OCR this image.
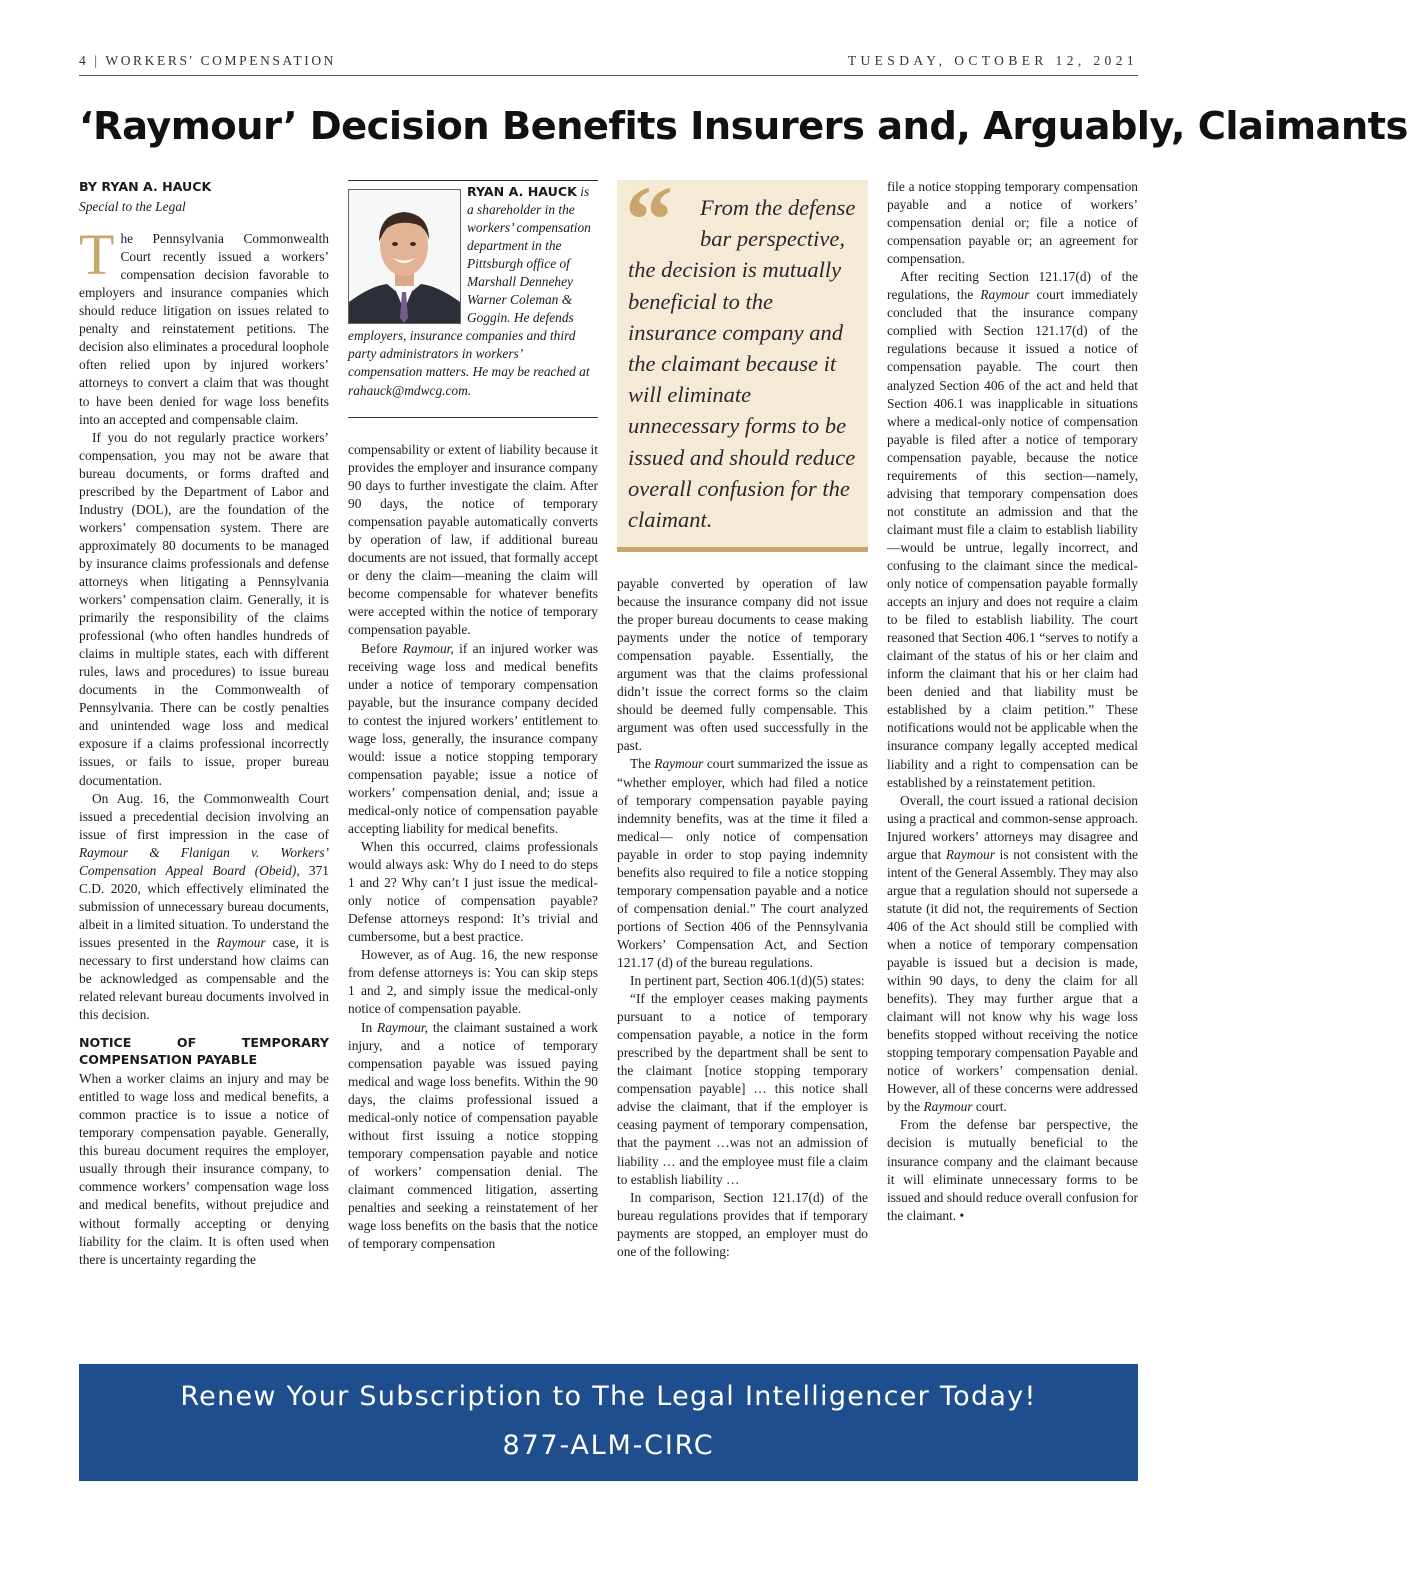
4 | WORKERS' COMPENSATION	TUESDAY, OCTOBER 12, 2021
‘Raymour’ Decision Benefits Insurers and, Arguably, Claimants
BY RYAN A. HAUCK
Special to the Legal

The Pennsylvania Commonwealth Court recently issued a workers’ compensation decision favorable to employers and insurance companies which should reduce litigation on issues related to penalty and reinstatement petitions. The decision also eliminates a procedural loophole often relied upon by injured workers’ attorneys to convert a claim that was thought to have been denied for wage loss benefits into an accepted and compensable claim.

If you do not regularly practice workers’ compensation, you may not be aware that bureau documents, or forms drafted and prescribed by the Department of Labor and Industry (DOL), are the foundation of the workers’ compensation system. There are approximately 80 documents to be managed by insurance claims professionals and defense attorneys when litigating a Pennsylvania workers’ compensation claim. Generally, it is primarily the responsibility of the claims professional (who often handles hundreds of claims in multiple states, each with different rules, laws and procedures) to issue bureau documents in the Commonwealth of Pennsylvania. There can be costly penalties and unintended wage loss and medical exposure if a claims professional incorrectly issues, or fails to issue, proper bureau documentation.

On Aug. 16, the Commonwealth Court issued a precedential decision involving an issue of first impression in the case of Raymour & Flanigan v. Workers’ Compensation Appeal Board (Obeid), 371 C.D. 2020, which effectively eliminated the submission of unnecessary bureau documents, albeit in a limited situation. To understand the issues presented in the Raymour case, it is necessary to first understand how claims can be acknowledged as compensable and the related relevant bureau documents involved in this decision.

NOTICE OF TEMPORARY COMPENSATION PAYABLE

When a worker claims an injury and may be entitled to wage loss and medical benefits, a common practice is to issue a notice of temporary compensation payable. Generally, this bureau document requires the employer, usually through their insurance company, to commence workers’ compensation wage loss and medical benefits, without prejudice and without formally accepting or denying liability for the claim. It is often used when there is uncertainty regarding the

RYAN A. HAUCK is a shareholder in the workers’ compensation department in the Pittsburgh office of Marshall Dennehey Warner Coleman & Goggin. He defends employers, insurance companies and third party administrators in workers’ compensation matters. He may be reached at rahauck@mdwcg.com.

compensability or extent of liability because it provides the employer and insurance company 90 days to further investigate the claim. After 90 days, the notice of temporary compensation payable automatically converts by operation of law, if additional bureau documents are not issued, that formally accept or deny the claim—meaning the claim will become compensable for whatever benefits were accepted within the notice of temporary compensation payable.

Before Raymour, if an injured worker was receiving wage loss and medical benefits under a notice of temporary compensation payable, but the insurance company decided to contest the injured workers’ entitlement to wage loss, generally, the insurance company would: issue a notice stopping temporary compensation payable; issue a notice of workers’ compensation denial, and; issue a medical-only notice of compensation payable accepting liability for medical benefits.

When this occurred, claims professionals would always ask: Why do I need to do steps 1 and 2? Why can’t I just issue the medical-only notice of compensation payable? Defense attorneys respond: It’s trivial and cumbersome, but a best practice.

However, as of Aug. 16, the new response from defense attorneys is: You can skip steps 1 and 2, and simply issue the medical-only notice of compensation payable.

In Raymour, the claimant sustained a work injury, and a notice of temporary compensation payable was issued paying medical and wage loss benefits. Within the 90 days, the claims professional issued a medical-only notice of compensation payable without first issuing a notice stopping temporary compensation payable and notice of workers’ compensation denial. The claimant commenced litigation, asserting penalties and seeking a reinstatement of her wage loss benefits on the basis that the notice of temporary compensation

“	From the defense bar perspective, the decision is mutually beneficial to the insurance company and the claimant because it will eliminate unnecessary forms to be issued and should reduce overall confusion for the claimant.

payable converted by operation of law because the insurance company did not issue the proper bureau documents to cease making payments under the notice of temporary compensation payable. Essentially, the argument was that the claims professional didn’t issue the correct forms so the claim should be deemed fully compensable. This argument was often used successfully in the past.

The Raymour court summarized the issue as “whether employer, which had filed a notice of temporary compensation payable paying indemnity benefits, was at the time it filed a medical— only notice of compensation payable in order to stop paying indemnity benefits also required to file a notice stopping temporary compensation payable and a notice of compensation denial.” The court analyzed portions of Section 406 of the Pennsylvania Workers’ Compensation Act, and Section 121.17 (d) of the bureau regulations.

In pertinent part, Section 406.1(d)(5) states:

“If the employer ceases making payments pursuant to a notice of temporary compensation payable, a notice in the form prescribed by the department shall be sent to the claimant [notice stopping temporary compensation payable] … this notice shall advise the claimant, that if the employer is ceasing payment of temporary compensation, that the payment …was not an admission of liability … and the employee must file a claim to establish liability …

In comparison, Section 121.17(d) of the bureau regulations provides that if temporary payments are stopped, an employer must do one of the following:

file a notice stopping temporary compensation payable and a notice of workers’ compensation denial or; file a notice of compensation payable or; an agreement for compensation.

After reciting Section 121.17(d) of the regulations, the Raymour court immediately concluded that the insurance company complied with Section 121.17(d) of the regulations because it issued a notice of compensation payable. The court then analyzed Section 406 of the act and held that Section 406.1 was inapplicable in situations where a medical-only notice of compensation payable is filed after a notice of temporary compensation payable, because the notice requirements of this section—namely, advising that temporary compensation does not constitute an admission and that the claimant must file a claim to establish liability—would be untrue, legally incorrect, and confusing to the claimant since the medical-only notice of compensation payable formally accepts an injury and does not require a claim to be filed to establish liability. The court reasoned that Section 406.1 “serves to notify a claimant of the status of his or her claim and inform the claimant that his or her claim had been denied and that liability must be established by a claim petition.” These notifications would not be applicable when the insurance company legally accepted medical liability and a right to compensation can be established by a reinstatement petition.

Overall, the court issued a rational decision using a practical and common-sense approach. Injured workers’ attorneys may disagree and argue that Raymour is not consistent with the intent of the General Assembly. They may also argue that a regulation should not supersede a statute (it did not, the requirements of Section 406 of the Act should still be complied with when a notice of temporary compensation payable is issued but a decision is made, within 90 days, to deny the claim for all benefits). They may further argue that a claimant will not know why his wage loss benefits stopped without receiving the notice stopping temporary compensation Payable and notice of workers’ compensation denial. However, all of these concerns were addressed by the Raymour court.

From the defense bar perspective, the decision is mutually beneficial to the insurance company and the claimant because it will eliminate unnecessary forms to be issued and should reduce overall confusion for the claimant. •

Renew Your Subscription to The Legal Intelligencer Today!
877-ALM-CIRC
